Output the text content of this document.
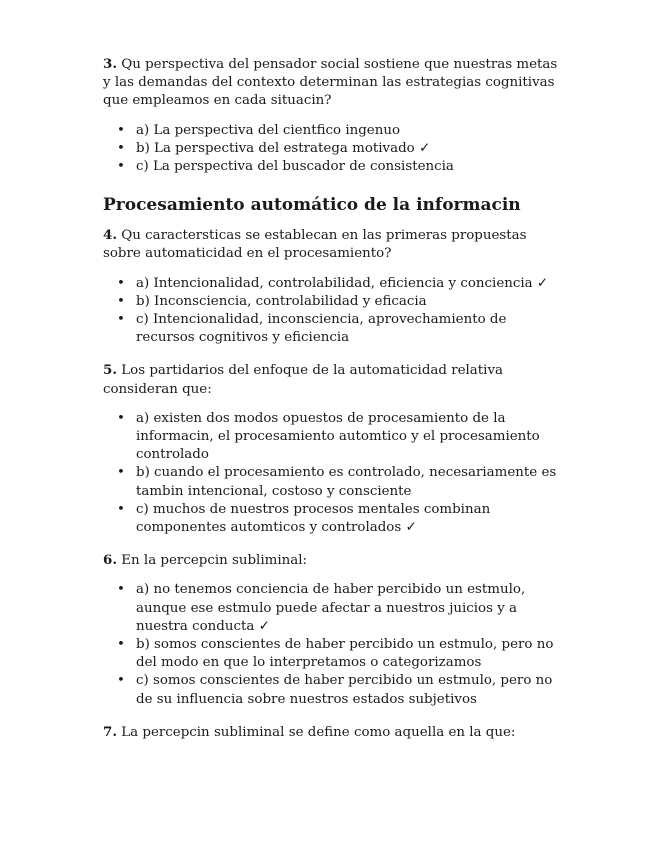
3. Qu perspectiva del pensador social sostiene que nuestras metas y las demandas del contexto determinan las estrategias cognitivas que empleamos en cada situacin?

• a) La perspectiva del cientfico ingenuo
• b) La perspectiva del estratega motivado ✓
• c) La perspectiva del buscador de consistencia
Procesamiento automático de la informacin

4. Qu caractersticas se establecan en las primeras propuestas sobre automaticidad en el procesamiento?

• a) Intencionalidad, controlabilidad, eficiencia y conciencia ✓
• b) Inconsciencia, controlabilidad y eficacia
• c) Intencionalidad, inconsciencia, aprovechamiento de recursos cognitivos y eficiencia

5. Los partidarios del enfoque de la automaticidad relativa consideran que:

• a) existen dos modos opuestos de procesamiento de la informacin, el procesamiento automtico y el procesamiento controlado
• b) cuando el procesamiento es controlado, necesariamente es tambin intencional, costoso y consciente
• c) muchos de nuestros procesos mentales combinan componentes automticos y controlados ✓

6. En la percepcin subliminal:

• a) no tenemos conciencia de haber percibido un estmulo, aunque ese estmulo puede afectar a nuestros juicios y a nuestra conducta ✓
• b) somos conscientes de haber percibido un estmulo, pero no del modo en que lo interpretamos o categorizamos
• c) somos conscientes de haber percibido un estmulo, pero no de su influencia sobre nuestros estados subjetivos

7. La percepcin subliminal se define como aquella en la que:
